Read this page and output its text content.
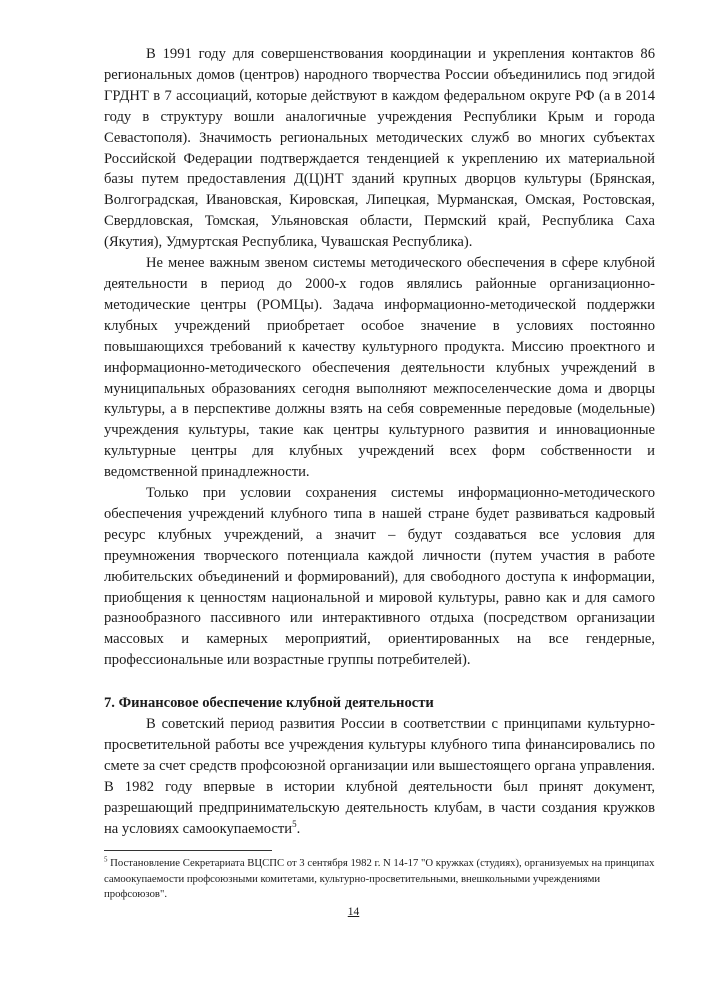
В 1991 году для совершенствования координации и укрепления контактов 86 региональных домов (центров) народного творчества России объединились под эгидой ГРДНТ в 7 ассоциаций, которые действуют в каждом федеральном округе РФ (а в 2014 году в структуру вошли аналогичные учреждения Республики Крым и города Севастополя). Значимость региональных методических служб во многих субъектах Российской Федерации подтверждается тенденцией к укреплению их материальной базы путем предоставления Д(Ц)НТ зданий крупных дворцов культуры (Брянская, Волгоградская, Ивановская, Кировская, Липецкая, Мурманская, Омская, Ростовская, Свердловская, Томская, Ульяновская области, Пермский край, Республика Саха (Якутия), Удмуртская Республика, Чувашская Республика).

Не менее важным звеном системы методического обеспечения в сфере клубной деятельности в период до 2000-х годов являлись районные организационно-методические центры (РОМЦы). Задача информационно-методической поддержки клубных учреждений приобретает особое значение в условиях постоянно повышающихся требований к качеству культурного продукта. Миссию проектного и информационно-методического обеспечения деятельности клубных учреждений в муниципальных образованиях сегодня выполняют межпоселенческие дома и дворцы культуры, а в перспективе должны взять на себя современные передовые (модельные) учреждения культуры, такие как центры культурного развития и инновационные культурные центры для клубных учреждений всех форм собственности и ведомственной принадлежности.

Только при условии сохранения системы информационно-методического обеспечения учреждений клубного типа в нашей стране будет развиваться кадровый ресурс клубных учреждений, а значит – будут создаваться все условия для преумножения творческого потенциала каждой личности (путем участия в работе любительских объединений и формирований), для свободного доступа к информации, приобщения к ценностям национальной и мировой культуры, равно как и для самого разнообразного пассивного или интерактивного отдыха (посредством организации массовых и камерных мероприятий, ориентированных на все гендерные, профессиональные или возрастные группы потребителей).

7. Финансовое обеспечение клубной деятельности

В советский период развития России в соответствии с принципами культурно-просветительной работы все учреждения культуры клубного типа финансировались по смете за счет средств профсоюзной организации или вышестоящего органа управления. В 1982 году впервые в истории клубной деятельности был принят документ, разрешающий предпринимательскую деятельность клубам, в части создания кружков на условиях самоокупаемости$^5$.

$^5$ Постановление Секретариата ВЦСПС от 3 сентября 1982 г. N 14-17 "О кружках (студиях), организуемых на принципах самоокупаемости профсоюзными комитетами, культурно-просветительными, внешкольными учреждениями профсоюзов".
14
